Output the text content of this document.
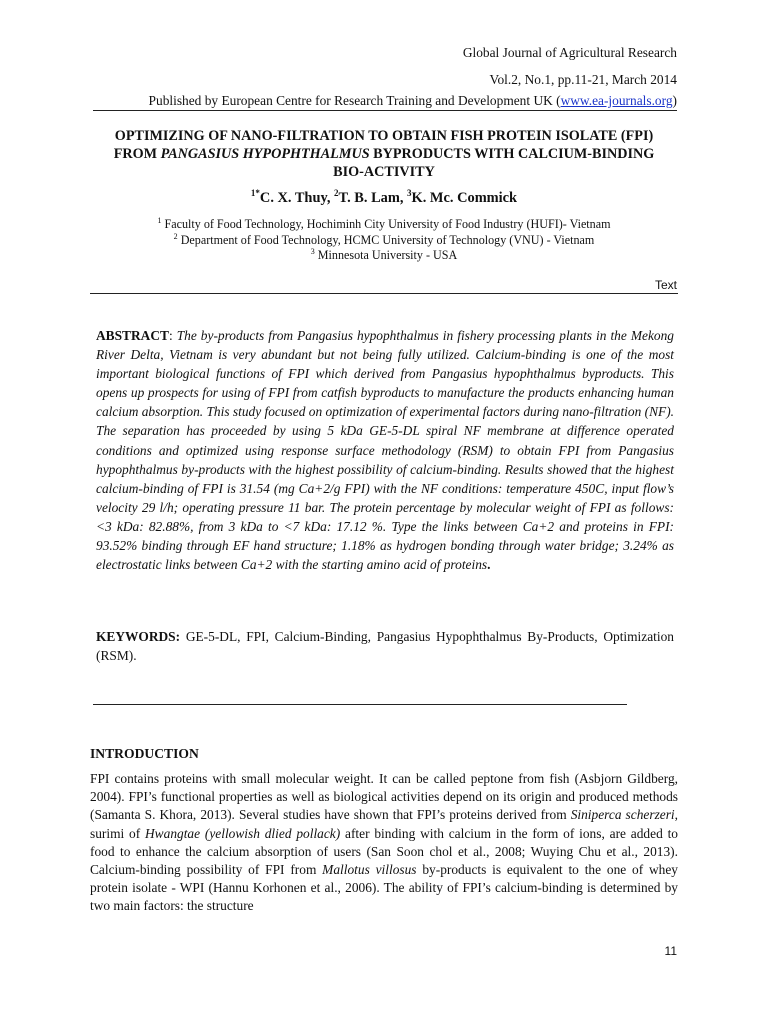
Global Journal of Agricultural Research
Vol.2, No.1, pp.11-21, March 2014
Published by European Centre for Research Training and Development UK (www.ea-journals.org)
OPTIMIZING OF NANO-FILTRATION TO OBTAIN FISH PROTEIN ISOLATE (FPI)
FROM PANGASIUS HYPOPHTHALMUS BYPRODUCTS WITH CALCIUM-BINDING
BIO-ACTIVITY
$^{1*}$C. X. Thuy, $^2$T. B. Lam, $^3$K. Mc. Commick
$^1$ Faculty of Food Technology, Hochiminh City University of Food Industry (HUFI)- Vietnam
$^2$ Department of Food Technology, HCMC University of Technology (VNU) - Vietnam
$^3$ Minnesota University - USA
Text
ABSTRACT: The by-products from Pangasius hypophthalmus in fishery processing plants in the Mekong River Delta, Vietnam is very abundant but not being fully utilized. Calcium-binding is one of the most important biological functions of FPI which derived from Pangasius hypophthalmus byproducts. This opens up prospects for using of FPI from catfish byproducts to manufacture the products enhancing human calcium absorption. This study focused on optimization of experimental factors during nano-filtration (NF). The separation has proceeded by using 5 kDa GE-5-DL spiral NF membrane at difference operated conditions and optimized using response surface methodology (RSM) to obtain FPI from Pangasius hypophthalmus by-products with the highest possibility of calcium-binding. Results showed that the highest calcium-binding of FPI is 31.54 (mg Ca+2/g FPI) with the NF conditions: temperature 450C, input flow’s velocity 29 l/h; operating pressure 11 bar. The protein percentage by molecular weight of FPI as follows: <3 kDa: 82.88%, from 3 kDa to <7 kDa: 17.12 %. Type the links between Ca+2 and proteins in FPI: 93.52% binding through EF hand structure; 1.18% as hydrogen bonding through water bridge; 3.24% as electrostatic links between Ca+2 with the starting amino acid of proteins.
KEYWORDS: GE-5-DL, FPI, Calcium-Binding, Pangasius Hypophthalmus By-Products, Optimization (RSM).
INTRODUCTION
FPI contains proteins with small molecular weight. It can be called peptone from fish (Asbjorn Gildberg, 2004). FPI’s functional properties as well as biological activities depend on its origin and produced methods (Samanta S. Khora, 2013). Several studies have shown that FPI’s proteins derived from Siniperca scherzeri, surimi of Hwangtae (yellowish dlied pollack) after binding with calcium in the form of ions, are added to food to enhance the calcium absorption of users (San Soon chol et al., 2008; Wuying Chu et al., 2013). Calcium-binding possibility of FPI from Mallotus villosus by-products is equivalent to the one of whey protein isolate - WPI (Hannu Korhonen et al., 2006). The ability of FPI’s calcium-binding is determined by two main factors: the structure
11
